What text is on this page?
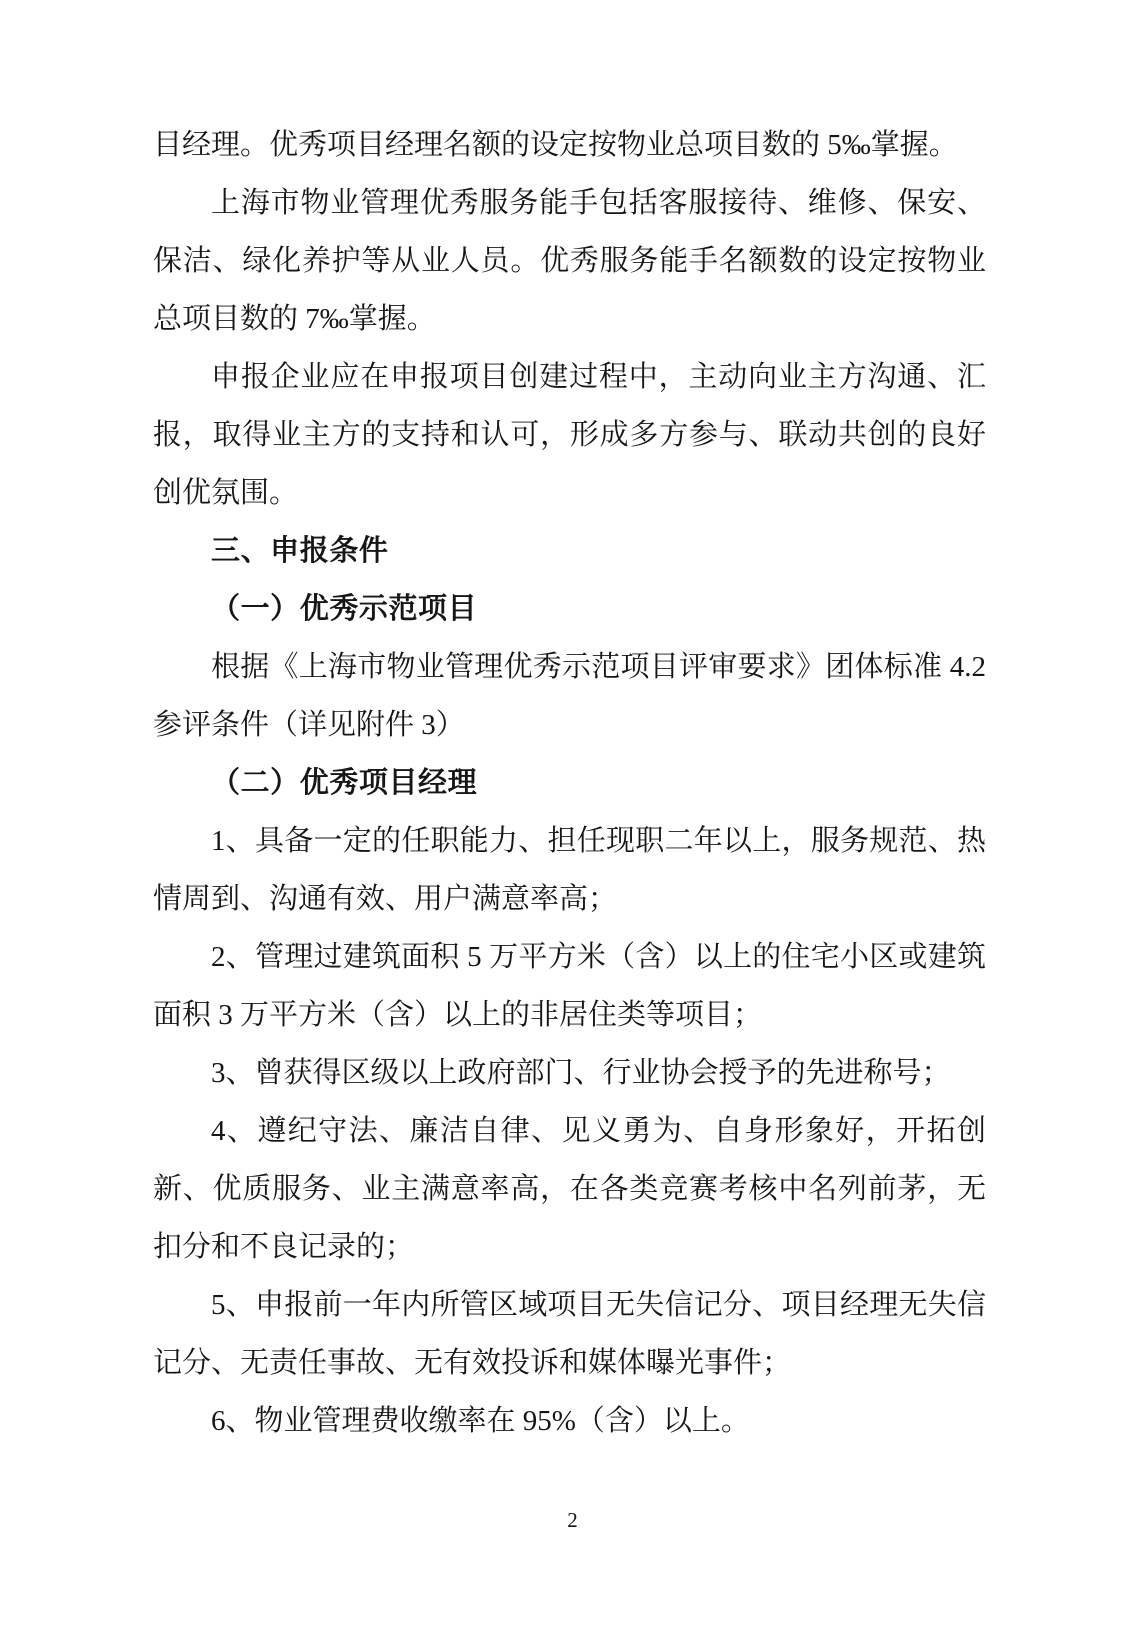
目经理。优秀项目经理名额的设定按物业总项目数的 5‰掌握。
上海市物业管理优秀服务能手包括客服接待、维修、保安、保洁、绿化养护等从业人员。优秀服务能手名额数的设定按物业总项目数的 7‰掌握。
申报企业应在申报项目创建过程中，主动向业主方沟通、汇报，取得业主方的支持和认可，形成多方参与、联动共创的良好创优氛围。
三、申报条件
（一）优秀示范项目
根据《上海市物业管理优秀示范项目评审要求》团体标准 4.2 参评条件（详见附件 3）
（二）优秀项目经理
1、具备一定的任职能力、担任现职二年以上，服务规范、热情周到、沟通有效、用户满意率高；
2、管理过建筑面积 5 万平方米（含）以上的住宅小区或建筑面积 3 万平方米（含）以上的非居住类等项目；
3、曾获得区级以上政府部门、行业协会授予的先进称号；
4、遵纪守法、廉洁自律、见义勇为、自身形象好，开拓创新、优质服务、业主满意率高，在各类竞赛考核中名列前茅，无扣分和不良记录的；
5、申报前一年内所管区域项目无失信记分、项目经理无失信记分、无责任事故、无有效投诉和媒体曝光事件；
6、物业管理费收缴率在 95%（含）以上。
2
